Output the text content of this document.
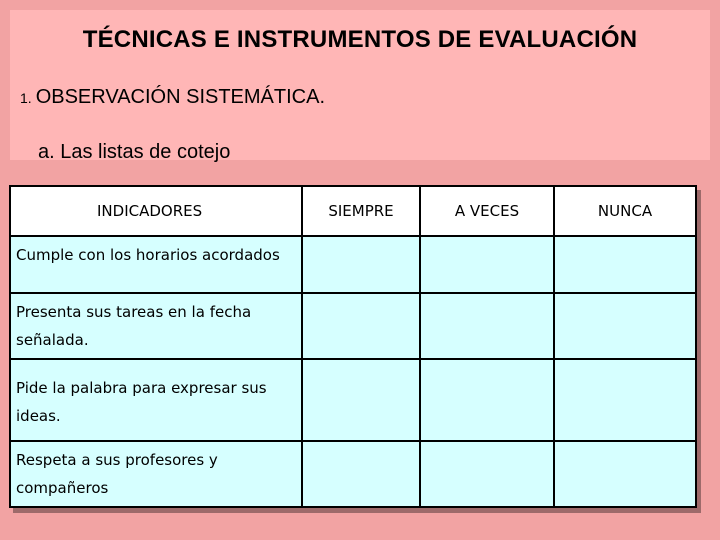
TÉCNICAS E INSTRUMENTOS DE EVALUACIÓN
1. OBSERVACIÓN SISTEMÁTICA.
a. Las listas de cotejo
INDICADORES	SIEMPRE	A VECES	NUNCA
Cumple con los horarios acordados			
Presenta sus tareas en la fecha señalada.			
Pide la palabra para expresar sus ideas.			
Respeta a sus profesores y compañeros			
